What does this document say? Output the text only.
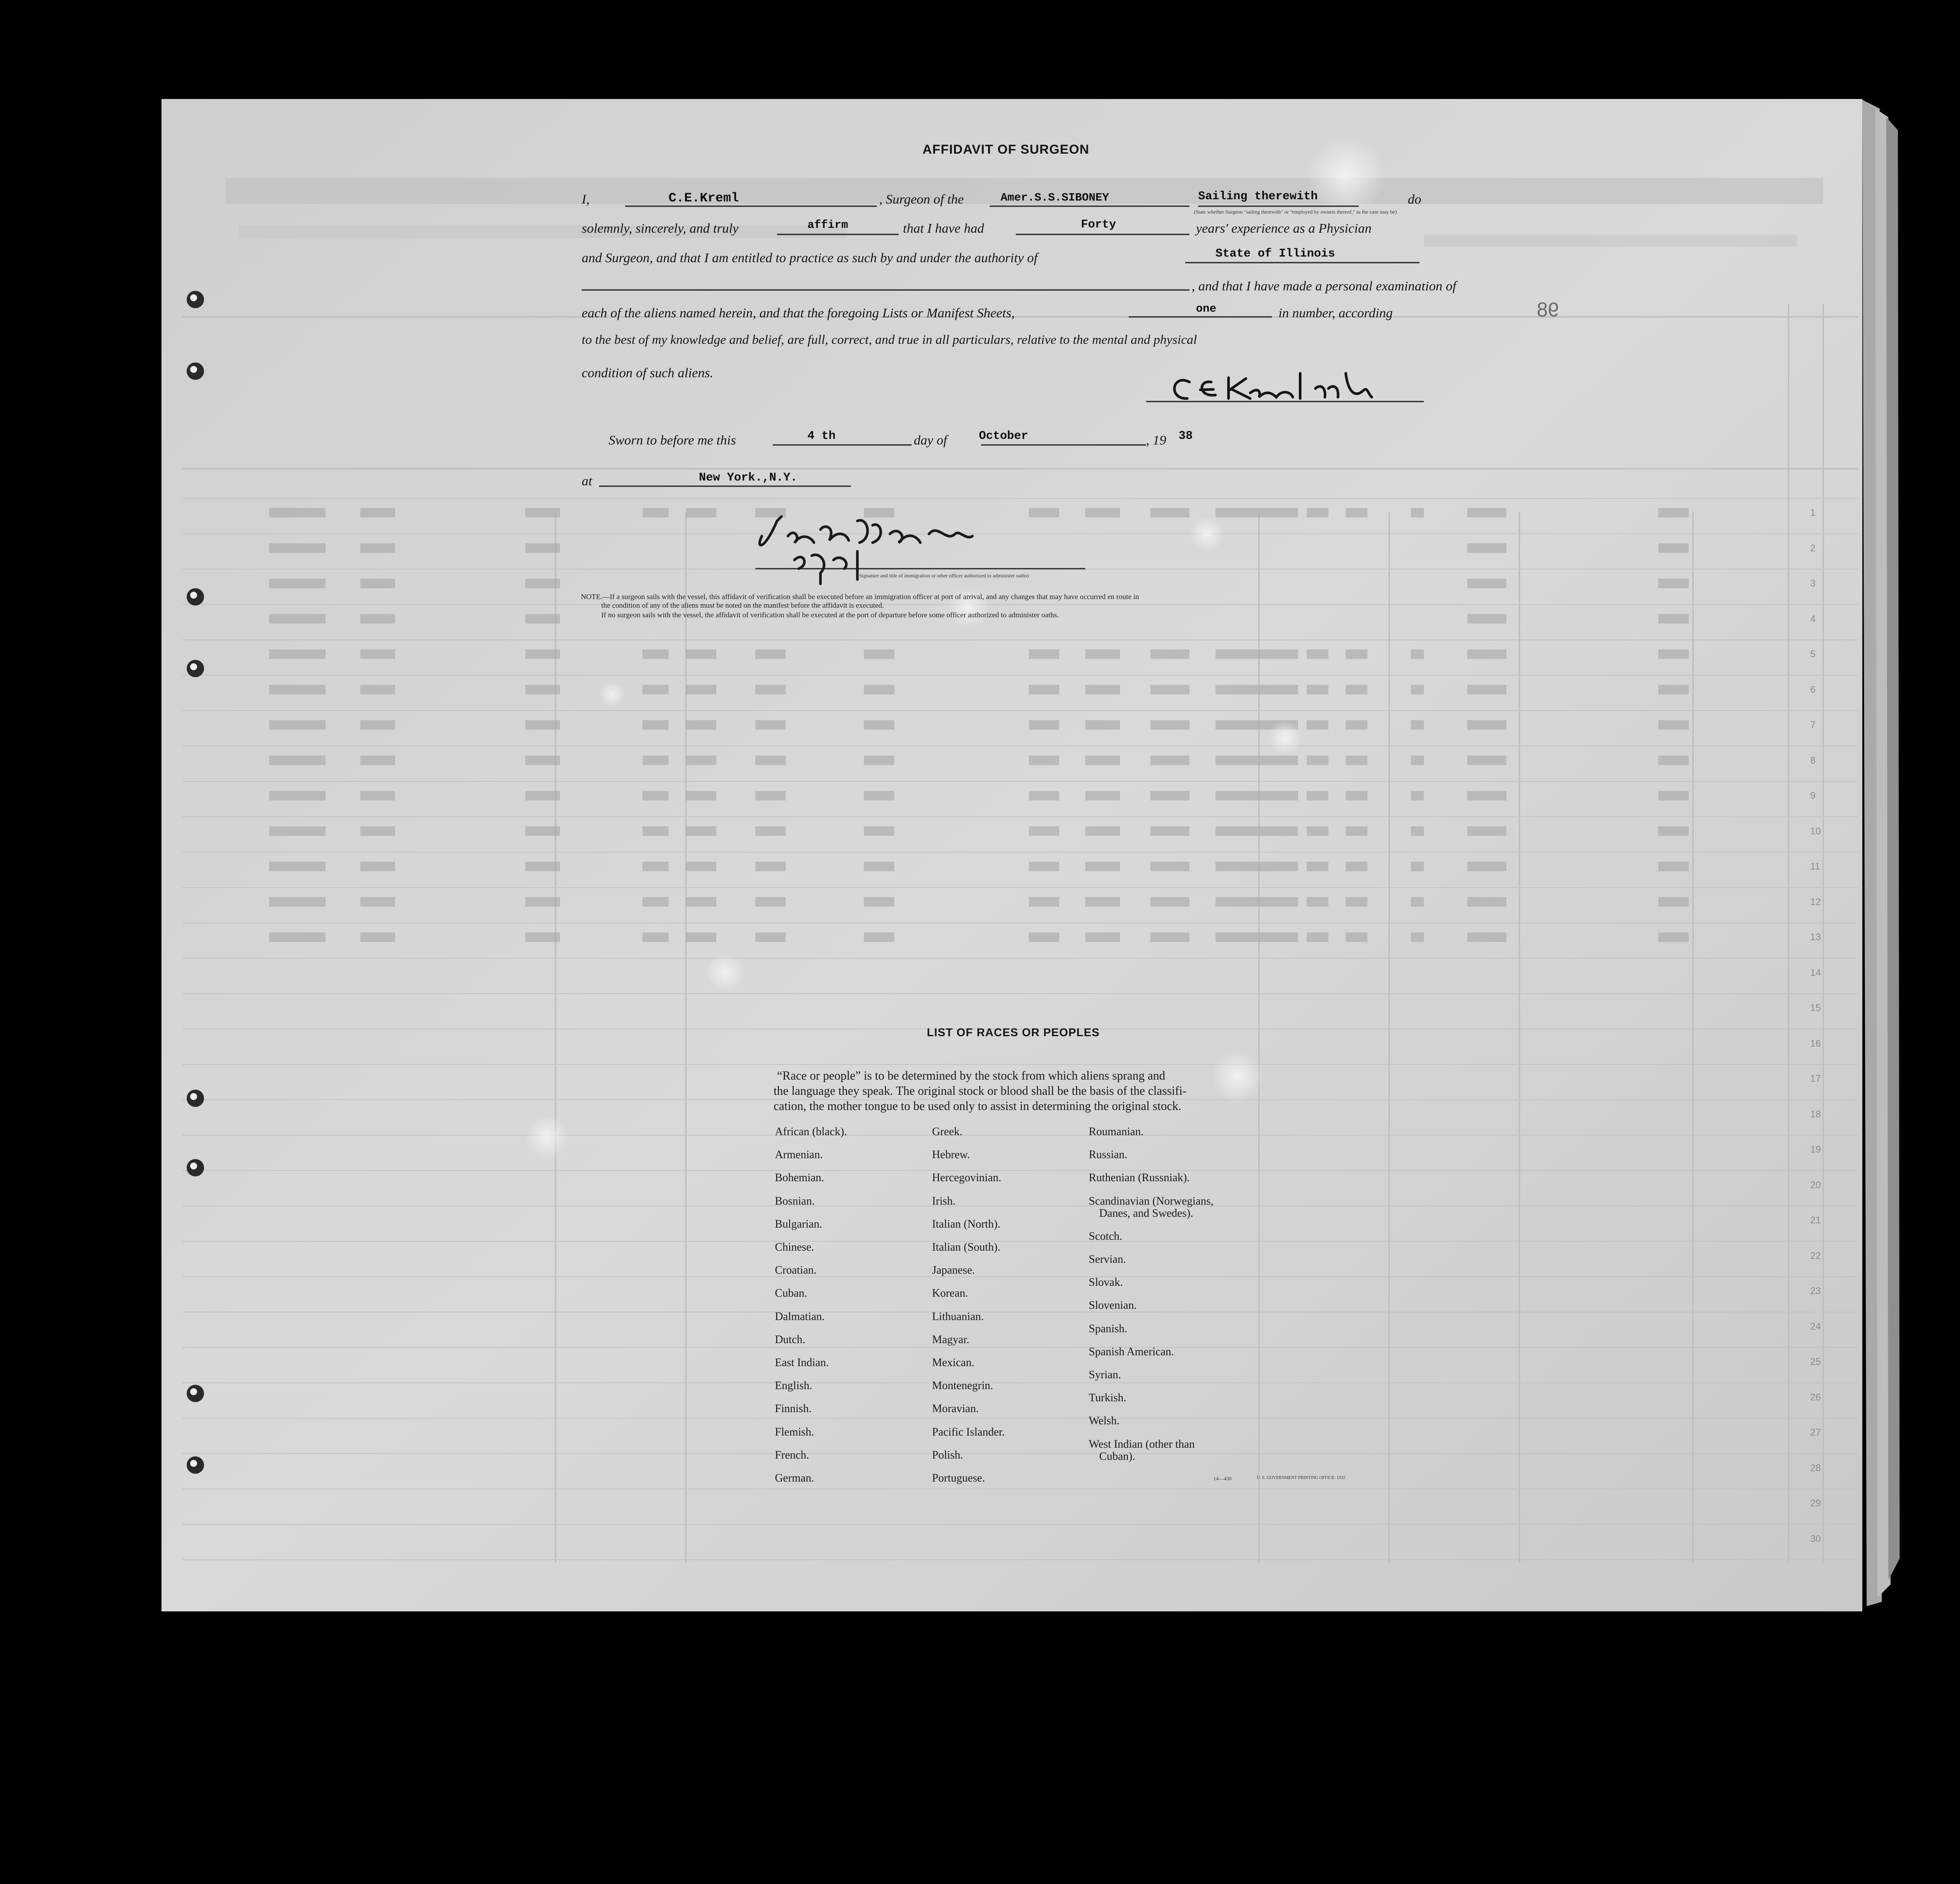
AFFIDAVIT OF SURGEON
I,	C.E.Kreml	, Surgeon of the	Amer.S.S.SIBONEY	Sailing therewith	do
(State whether Surgeon "sailing therewith" or "employed by owners thereof," as the case may be)
solemnly, sincerely, and truly	affirm	that I have had	Forty	years' experience as a Physician
and Surgeon, and that I am entitled to practice as such by and under the authority of	State of Illinois
, and that I have made a personal examination of
each of the aliens named herein, and that the foregoing Lists or Manifest Sheets,	one	in number, according
to the best of my knowledge and belief, are full, correct, and true in all particulars, relative to the mental and physical
condition of such aliens.
Sworn to before me this	4 th	day of	October	, 19 38
at	New York.,N.Y.
(Signature and title of immigration or other officer authorized to administer oaths)
NOTE.—If a surgeon sails with the vessel, this affidavit of verification shall be executed before an immigration officer at port of arrival, and any changes that may have occurred en route in
the condition of any of the aliens must be noted on the manifest before the affidavit is executed.
If no surgeon sails with the vessel, the affidavit of verification shall be executed at the port of departure before some officer authorized to administer oaths.
98
LIST OF RACES OR PEOPLES
“Race or people” is to be determined by the stock from which aliens sprang and
the language they speak. The original stock or blood shall be the basis of the classifi-
cation, the mother tongue to be used only to assist in determining the original stock.
African (black).
Armenian.
Bohemian.
Bosnian.
Bulgarian.
Chinese.
Croatian.
Cuban.
Dalmatian.
Dutch.
East Indian.
English.
Finnish.
Flemish.
French.
German.
Greek.
Hebrew.
Hercegovinian.
Irish.
Italian (North).
Italian (South).
Japanese.
Korean.
Lithuanian.
Magyar.
Mexican.
Montenegrin.
Moravian.
Pacific Islander.
Polish.
Portuguese.
Roumanian.
Russian.
Ruthenian (Russniak).
Scandinavian (Norwegians,
Danes, and Swedes).
Scotch.
Servian.
Slovak.
Slovenian.
Spanish.
Spanish American.
Syrian.
Turkish.
Welsh.
West Indian (other than
Cuban).
14—430	U. S. GOVERNMENT PRINTING OFFICE: 1932
1
2
3
4
5
6
7
8
9
10
11
12
13
14
15
16
17
18
19
20
21
22
23
24
25
26
27
28
29
30
